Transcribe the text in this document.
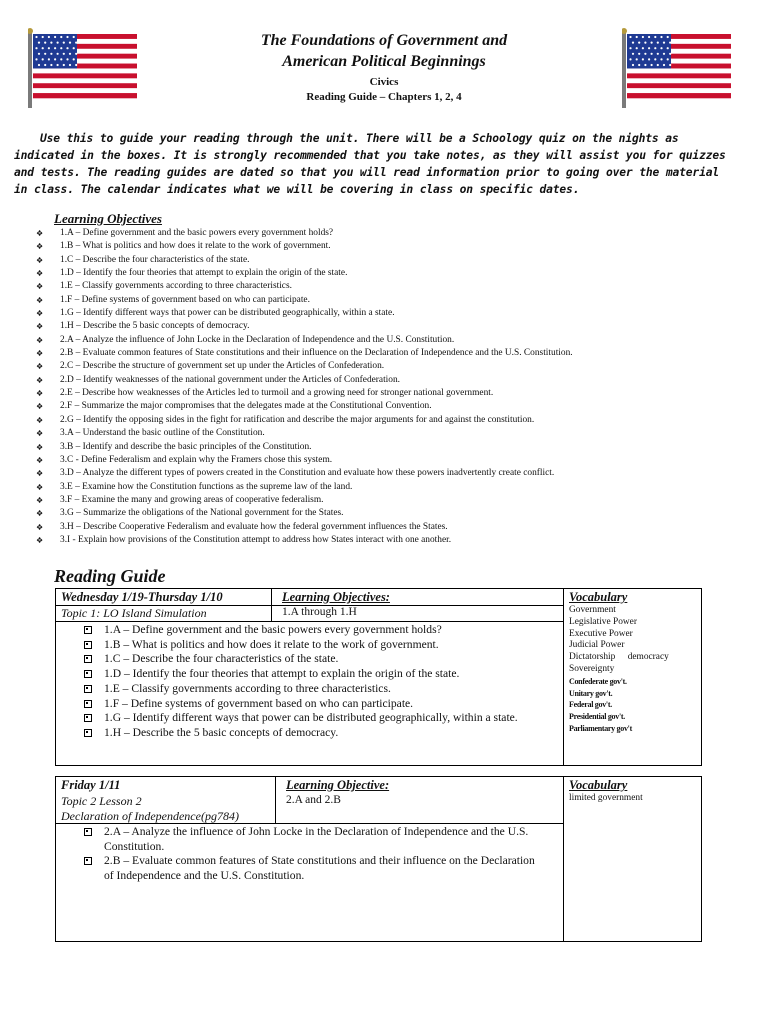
The Foundations of Government and
American Political Beginnings
Civics
Reading Guide – Chapters 1, 2, 4
Use this to guide your reading through the unit. There will be a Schoology quiz on the nights as indicated in the boxes. It is strongly recommended that you take notes, as they will assist you for quizzes and tests. The reading guides are dated so that you will read information prior to going over the material in class. The calendar indicates what we will be covering in class on specific dates.
Learning Objectives
❖	1.A – Define government and the basic powers every government holds?
❖	1.B – What is politics and how does it relate to the work of government.
❖	1.C – Describe the four characteristics of the state.
❖	1.D – Identify the four theories that attempt to explain the origin of the state.
❖	1.E – Classify governments according to three characteristics.
❖	1.F – Define systems of government based on who can participate.
❖	1.G – Identify different ways that power can be distributed geographically, within a state.
❖	1.H – Describe the 5 basic concepts of democracy.
❖	2.A – Analyze the influence of John Locke in the Declaration of Independence and the U.S. Constitution.
❖	2.B – Evaluate common features of State constitutions and their influence on the Declaration of Independence and the U.S. Constitution.
❖	2.C – Describe the structure of government set up under the Articles of Confederation.
❖	2.D – Identify weaknesses of the national government under the Articles of Confederation.
❖	2.E – Describe how weaknesses of the Articles led to turmoil and a growing need for stronger national government.
❖	2.F – Summarize the major compromises that the delegates made at the Constitutional Convention.
❖	2.G – Identify the opposing sides in the fight for ratification and describe the major arguments for and against the constitution.
❖	3.A – Understand the basic outline of the Constitution.
❖	3.B – Identify and describe the basic principles of the Constitution.
❖	3.C - Define Federalism and explain why the Framers chose this system.
❖	3.D – Analyze the different types of powers created in the Constitution and evaluate how these powers inadvertently create conflict.
❖	3.E – Examine how the Constitution functions as the supreme law of the land.
❖	3.F – Examine the many and growing areas of cooperative federalism.
❖	3.G – Summarize the obligations of the National government for the States.
❖	3.H – Describe Cooperative Federalism and evaluate how the federal government influences the States.
❖	3.I - Explain how provisions of the Constitution attempt to address how States interact with one another.
Reading Guide
Wednesday 1/19-Thursday 1/10
Topic 1: LO Island Simulation
Learning Objectives:
1.A through 1.H
Vocabulary
Government
Legislative Power
Executive Power
Judicial Power
Dictatorship democracy
Sovereignty
Confederate gov't.
Unitary gov't.
Federal gov't.
Presidential gov't.
Parliamentary gov't
1.A – Define government and the basic powers every government holds?
1.B – What is politics and how does it relate to the work of government.
1.C – Describe the four characteristics of the state.
1.D – Identify the four theories that attempt to explain the origin of the state.
1.E – Classify governments according to three characteristics.
1.F – Define systems of government based on who can participate.
1.G – Identify different ways that power can be distributed geographically, within a state.
1.H – Describe the 5 basic concepts of democracy.
Friday 1/11
Topic 2 Lesson 2
Declaration of Independence(pg784)
Learning Objective:
2.A and 2.B
Vocabulary
limited government
2.A – Analyze the influence of John Locke in the Declaration of Independence and the U.S. Constitution.
2.B – Evaluate common features of State constitutions and their influence on the Declaration of Independence and the U.S. Constitution.
